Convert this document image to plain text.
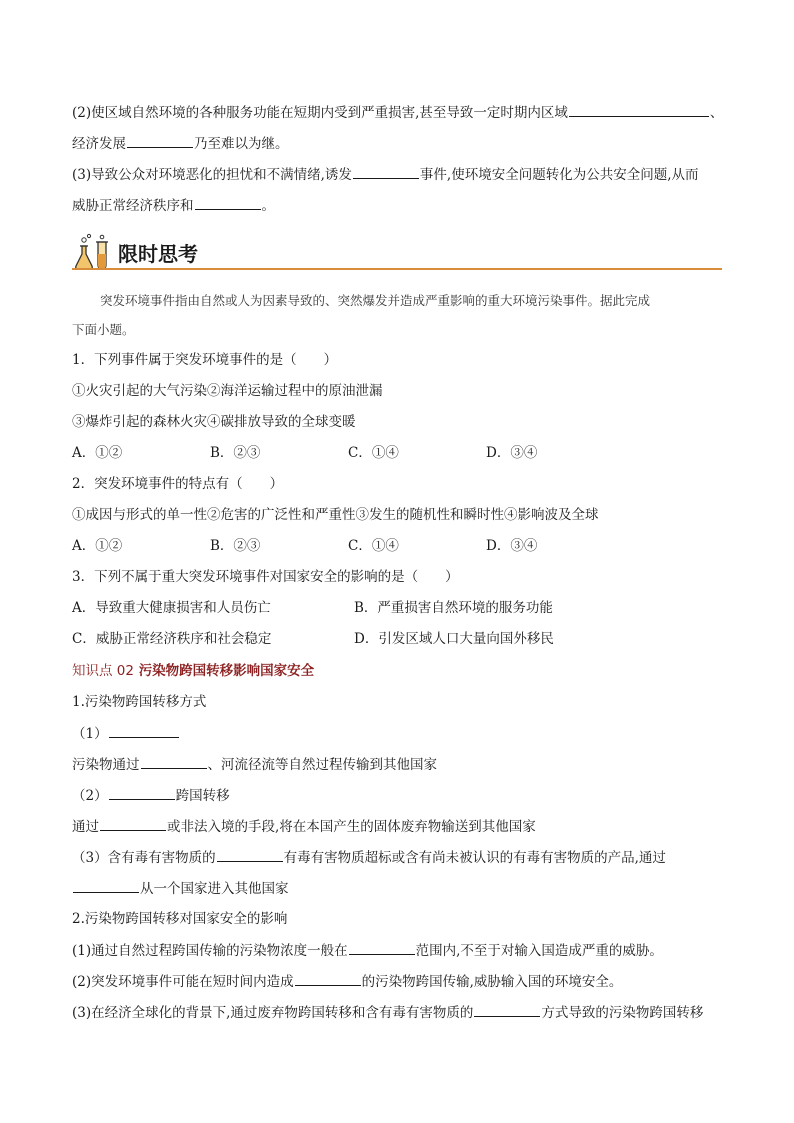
(2)使区域自然环境的各种服务功能在短期内受到严重损害,甚至导致一定时期内区域	、
经济发展	乃至难以为继。
(3)导致公众对环境恶化的担忧和不满情绪,诱发	事件,使环境安全问题转化为公共安全问题,从而
威胁正常经济秩序和	。
限时思考
突发环境事件指由自然或人为因素导致的、突然爆发并造成严重影响的重大环境污染事件。据此完成
下面小题。
1．下列事件属于突发环境事件的是（　　）
①火灾引起的大气污染②海洋运输过程中的原油泄漏
③爆炸引起的森林火灾④碳排放导致的全球变暖
A．①②	B．②③	C．①④	D．③④
2．突发环境事件的特点有（　　）
①成因与形式的单一性②危害的广泛性和严重性③发生的随机性和瞬时性④影响波及全球
A．①②	B．②③	C．①④	D．③④
3．下列不属于重大突发环境事件对国家安全的影响的是（　　）
A．导致重大健康损害和人员伤亡	B．严重损害自然环境的服务功能
C．威胁正常经济秩序和社会稳定	D．引发区域人口大量向国外移民
知识点 02 污染物跨国转移影响国家安全
1.污染物跨国转移方式
（1）
污染物通过	、河流径流等自然过程传输到其他国家
（2）	跨国转移
通过	或非法入境的手段,将在本国产生的固体废弃物输送到其他国家
（3）含有毒有害物质的	有毒有害物质超标或含有尚未被认识的有毒有害物质的产品,通过
从一个国家进入其他国家
2.污染物跨国转移对国家安全的影响
(1)通过自然过程跨国传输的污染物浓度一般在	范围内,不至于对输入国造成严重的威胁。
(2)突发环境事件可能在短时间内造成	的污染物跨国传输,威胁输入国的环境安全。
(3)在经济全球化的背景下,通过废弃物跨国转移和含有毒有害物质的	方式导致的污染物跨国转移
